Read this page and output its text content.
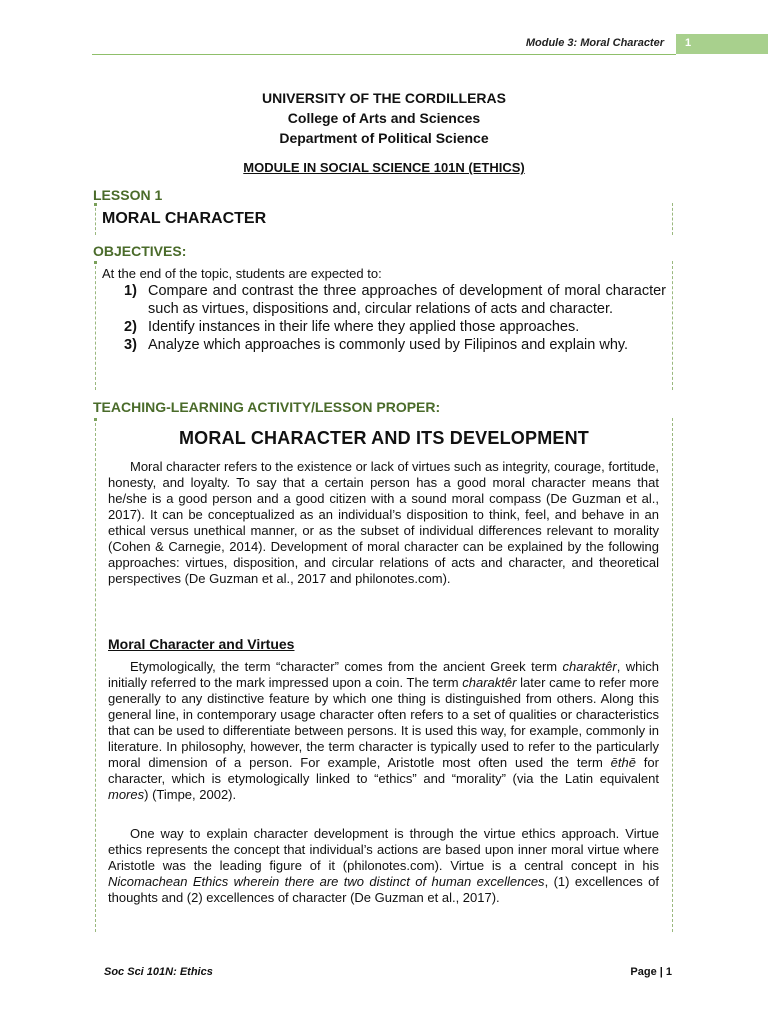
Module 3: Moral Character	1
UNIVERSITY OF THE CORDILLERAS
College of Arts and Sciences
Department of Political Science
MODULE IN SOCIAL SCIENCE 101N (ETHICS)
LESSON 1
MORAL CHARACTER
OBJECTIVES:
At the end of the topic, students are expected to:
1) Compare and contrast the three approaches of development of moral character such as virtues, dispositions and, circular relations of acts and character.
2) Identify instances in their life where they applied those approaches.
3) Analyze which approaches is commonly used by Filipinos and explain why.
TEACHING-LEARNING ACTIVITY/LESSON PROPER:
MORAL CHARACTER AND ITS DEVELOPMENT

Moral character refers to the existence or lack of virtues such as integrity, courage, fortitude, honesty, and loyalty. To say that a certain person has a good moral character means that he/she is a good person and a good citizen with a sound moral compass (De Guzman et al., 2017). It can be conceptualized as an individual’s disposition to think, feel, and behave in an ethical versus unethical manner, or as the subset of individual differences relevant to morality (Cohen & Carnegie, 2014). Development of moral character can be explained by the following approaches: virtues, disposition, and circular relations of acts and character, and theoretical perspectives (De Guzman et al., 2017 and philonotes.com).

Moral Character and Virtues

Etymologically, the term “character” comes from the ancient Greek term charaktêr, which initially referred to the mark impressed upon a coin. The term charaktêr later came to refer more generally to any distinctive feature by which one thing is distinguished from others. Along this general line, in contemporary usage character often refers to a set of qualities or characteristics that can be used to differentiate between persons. It is used this way, for example, commonly in literature. In philosophy, however, the term character is typically used to refer to the particularly moral dimension of a person. For example, Aristotle most often used the term ēthē for character, which is etymologically linked to “ethics” and “morality” (via the Latin equivalent mores) (Timpe, 2002).

One way to explain character development is through the virtue ethics approach. Virtue ethics represents the concept that individual’s actions are based upon inner moral virtue where Aristotle was the leading figure of it (philonotes.com). Virtue is a central concept in his Nicomachean Ethics wherein there are two distinct of human excellences, (1) excellences of thoughts and (2) excellences of character (De Guzman et al., 2017).

Soc Sci 101N: Ethics	Page | 1
